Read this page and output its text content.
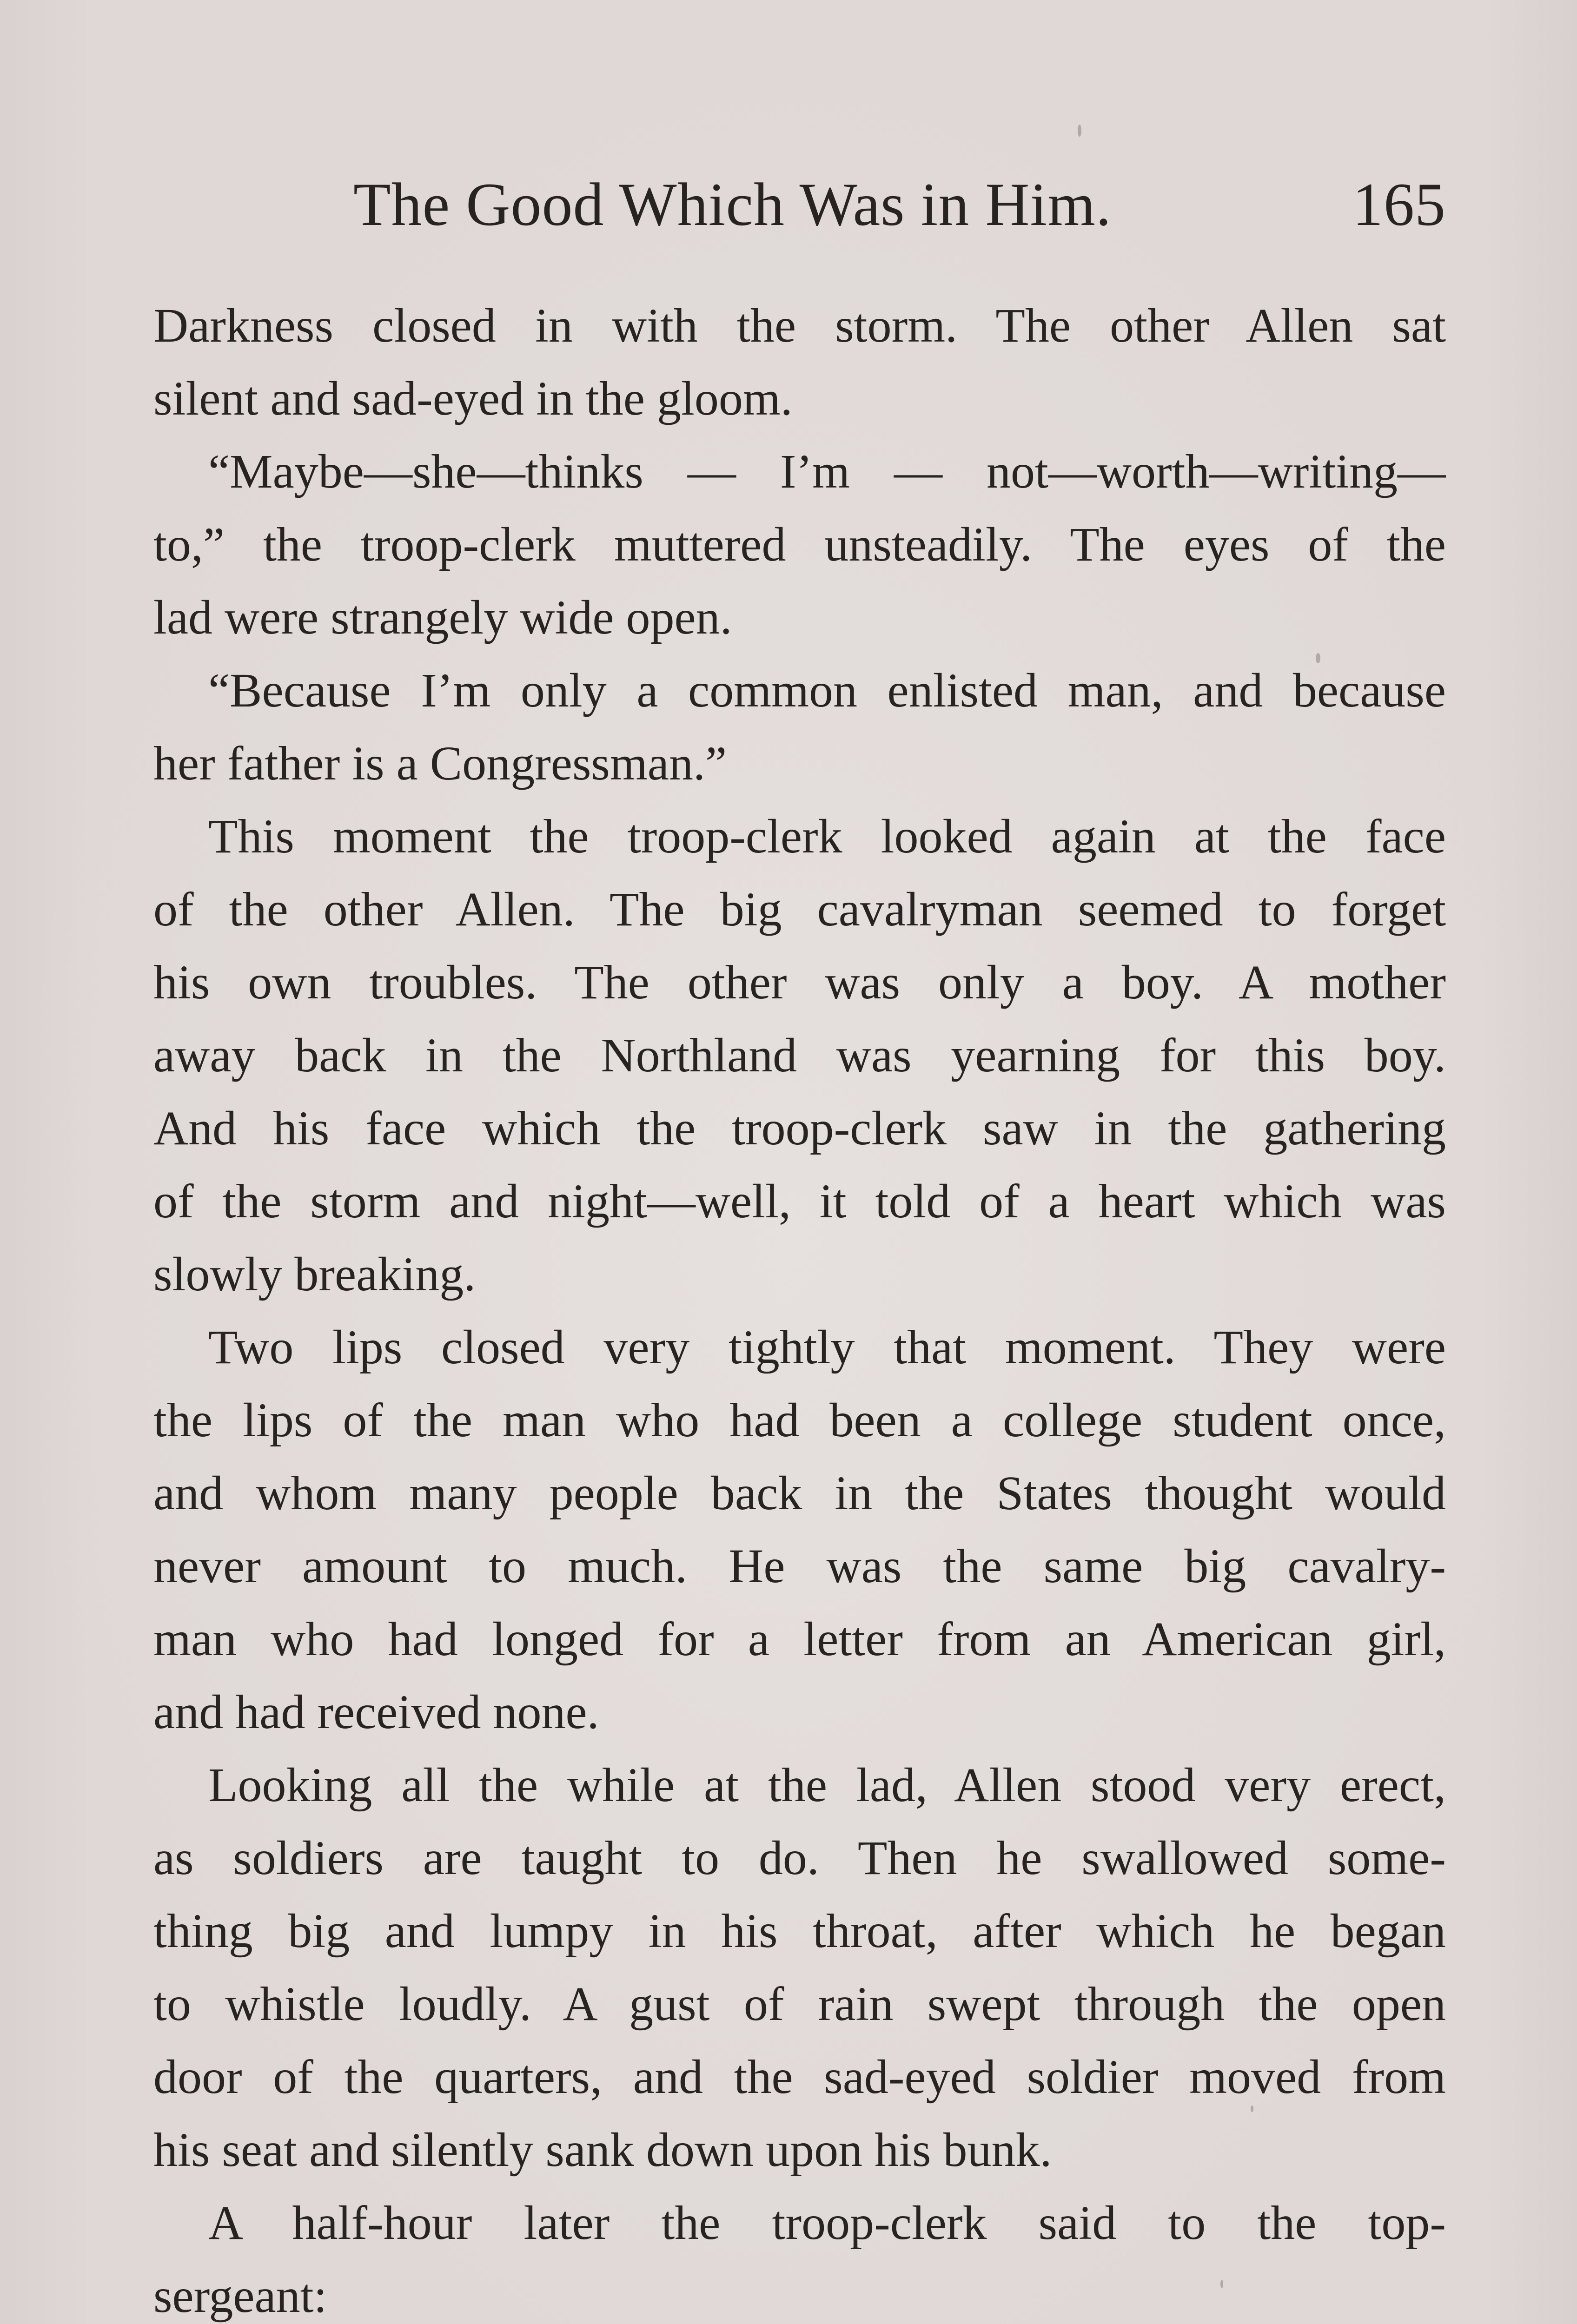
The Good Which Was in Him.	165
Darkness closed in with the storm. The other Allen sat
silent and sad-eyed in the gloom.
“Maybe—she—thinks — I’m — not—worth—writing—
to,” the troop-clerk muttered unsteadily. The eyes of the
lad were strangely wide open.
“Because I’m only a common enlisted man, and because
her father is a Congressman.”
This moment the troop-clerk looked again at the face
of the other Allen. The big cavalryman seemed to forget
his own troubles. The other was only a boy. A mother
away back in the Northland was yearning for this boy.
And his face which the troop-clerk saw in the gathering
of the storm and night—well, it told of a heart which was
slowly breaking.
Two lips closed very tightly that moment. They were
the lips of the man who had been a college student once,
and whom many people back in the States thought would
never amount to much. He was the same big cavalry-
man who had longed for a letter from an American girl,
and had received none.
Looking all the while at the lad, Allen stood very erect,
as soldiers are taught to do. Then he swallowed some-
thing big and lumpy in his throat, after which he began
to whistle loudly. A gust of rain swept through the open
door of the quarters, and the sad-eyed soldier moved from
his seat and silently sank down upon his bunk.
A half-hour later the troop-clerk said to the top-
sergeant:
